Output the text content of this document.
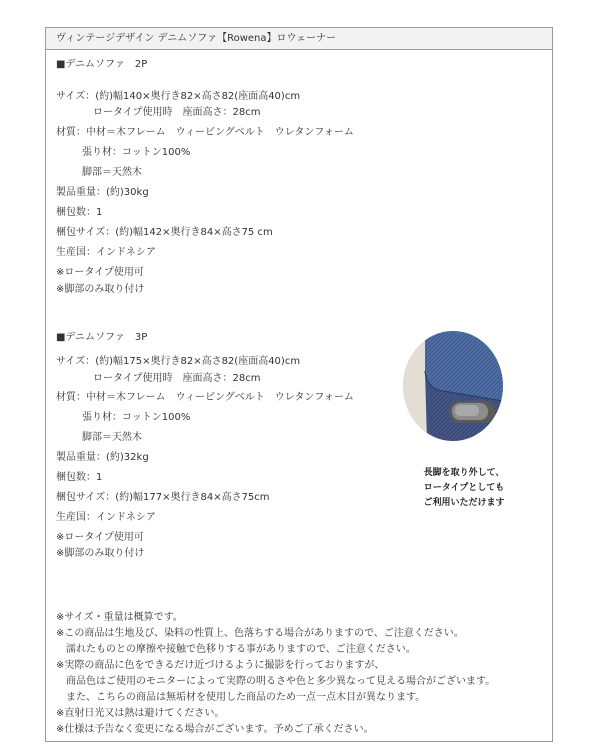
ヴィンテージデザイン デニムソファ【Rowena】ロウェーナー
■デニムソファ　2P
サイズ：(約)幅140×奥行き82×高さ82(座面高40)cm
ロータイプ使用時　座面高さ：28cm
材質：中材＝木フレーム　ウィービングベルト　ウレタンフォーム
張り材：コットン100%
脚部＝天然木
製品重量：(約)30kg
梱包数：1
梱包サイズ：(約)幅142×奥行き84×高さ75 cm
生産国：インドネシア
※ロータイプ使用可
※脚部のみ取り付け
■デニムソファ　3P
サイズ：(約)幅175×奥行き82×高さ82(座面高40)cm
ロータイプ使用時　座面高さ：28cm
材質：中材＝木フレーム　ウィービングベルト　ウレタンフォーム
張り材：コットン100%
脚部＝天然木
製品重量：(約)32kg
梱包数：1
梱包サイズ：(約)幅177×奥行き84×高さ75cm
生産国：インドネシア
※ロータイプ使用可
※脚部のみ取り付け
長脚を取り外して、
ロータイプとしても
ご利用いただけます
※サイズ・重量は概算です。
※この商品は生地及び、染料の性質上、色落ちする場合がありますので、ご注意ください。
　濡れたものとの摩擦や接触で色移りする事がありますので、ご注意ください。
※実際の商品に色をできるだけ近づけるように撮影を行っておりますが、
　商品色はご使用のモニターによって実際の明るさや色と多少異なって見える場合がございます。
　また、こちらの商品は無垢材を使用した商品のため一点一点木目が異なります。
※直射日光又は熱は避けてください。
※仕様は予告なく変更になる場合がございます。予めご了承ください。
